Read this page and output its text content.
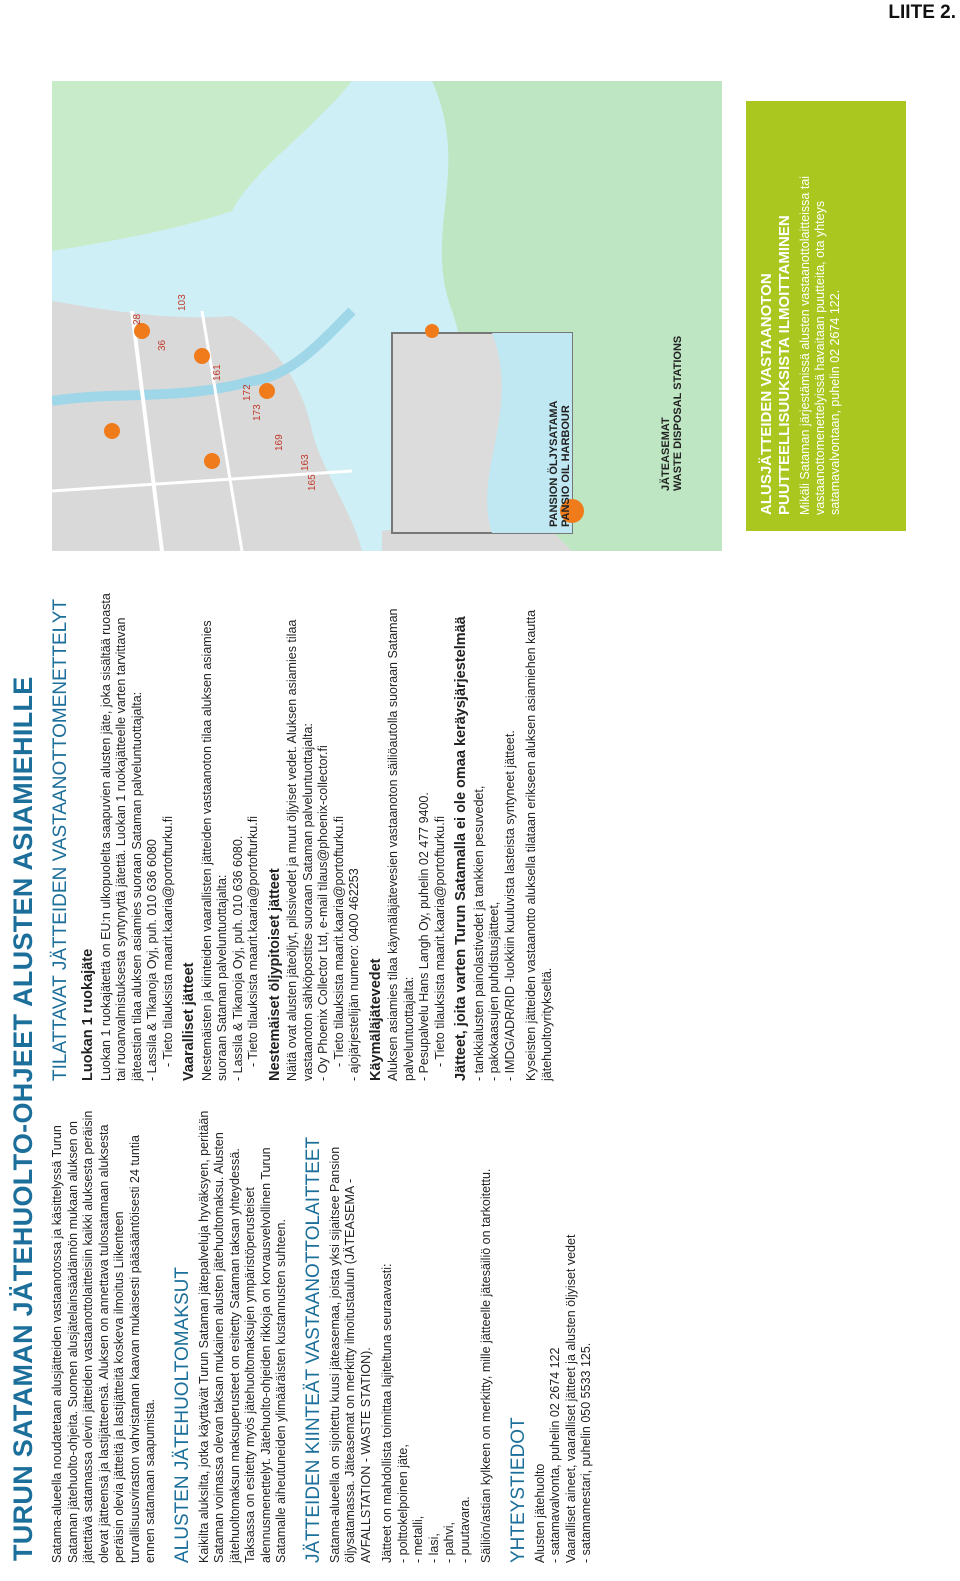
LIITE 2.
TURUN SATAMAN JÄTEHUOLTO-OHJEET ALUSTEN ASIAMIEHILLE Satama-alueella noudatetaan alusjätteiden vastaanotossa ja käsittelyssä Turun Sataman jätehuolto-ohjeita. Suomen alusjätelainsäädännön mukaan aluksen on jätettävä satamassa olevin jätteiden vastaanottolaitteisiin kaikki aluksesta peräisin olevat jätteensä ja lastijätteensä. Aluksen on annettava tulosatamaan aluksesta peräisin olevia jätteitä ja lastijätteitä koskeva ilmoitus Liikenteen turvallisuusviraston vahvistaman kaavan mukaisesti pääsääntöisesti 24 tuntia ennen satamaan saapumista. ALUSTEN JÄTEHUOLTOMAKSUT Kaikilta aluksilta, jotka käyttävät Turun Sataman jätepalveluja hyväksyen, peritään Sataman voimassa olevan taksan mukainen alusten jätehuoltomaksu. Alusten jätehuoltomaksun maksuperusteet on esitetty Sataman taksan yhteydessä. Taksassa on esitetty myös jätehuoltomaksujen ympäristöperusteiset alennusmenettelyt. Jätehuolto-ohjeiden rikkoja on korvausvelvollinen Turun Satamalle aiheutuneiden ylimääräisten kustannusten suhteen. JÄTTEIDEN KIINTEÄT VASTAANOTTOLAITTEET Satama-alueella on sijoitettu kuusi jäteasemaa, joista yksi sijaitsee Pansion öljysatamassa. Jäteasemat on merkitty ilmoitustaulun (JÄTEASEMA - AVFALLSTATION - WASTE STATION). Jätteet on mahdollista toimittaa lajiteltuna seuraavasti: - polttokelpoinen jäte, - metalli, - lasi, - pahvi, - puutavara. Säiliön/astian kylkeen on merkitty, mille jätteelle jätesäiliö on tarkoitettu. YHTEYSTIEDOT Alusten jätehuolto - satamavalvonta, puhelin 02 2674 122 Vaaralliset aineet, vaaralliset jätteet ja alusten öljyiset vedet - satamamestari, puhelin 050 5533 125.
TILATTAVAT JÄTTEIDEN VASTAANOTTOMENETTELYT Luokan 1 ruokajäte Luokan 1 ruokajätettä on EU:n ulkopuolelta saapuvien alusten jäte, joka sisältää ruoasta tai ruoanvalmistuksesta syntynyttä jätettä. Luokan 1 ruokajätteelle varten tarvittavan jäteastian tilaa aluksen asiamies suoraan Sataman palveluntuottajalta: - Lassila & Tikanoja Oyj, puh. 010 636 6080 - Tieto tilauksista maarit.kaaria@portofturku.fi Vaaralliset jätteet Nestemäisten ja kiinteiden vaarallisten jätteiden vastaanoton tilaa aluksen asiamies suoraan Sataman palveluntuottajalta: - Lassila & Tikanoja Oyj, puh. 010 636 6080. - Tieto tilauksista maarit.kaaria@portofturku.fi Nestemäiset öljypitoiset jätteet Näitä ovat alusten jäteöljyt, pilssivedet ja muut öljyiset vedet. Aluksen asiamies tilaa vastaanoton sähköpostitse suoraan Sataman palveluntuottajalta: - Oy Phoenix Collector Ltd, e-mail tilaus@phoenix-collector.fi - Tieto tilauksista maarit.kaaria@portofturku.fi - ajojärjestelijän numero: 0400 462253 Käymäläjätevedet Aluksen asiamies tilaa käymäläjätevesien vastaanoton säiliöautolla suoraan Sataman palveluntuottajalta: - Pesupalvelu Hans Langh Oy, puhelin 02 477 9400. - Tieto tilauksista maarit.kaaria@portofturku.fi Jätteet, joita varten Turun Satamalla ei ole omaa keräysjärjestelmää - tankkialusten painolastivedet ja tankkien pesuvedet, - pakokaasujen puhdistusjätteet, - IMDG/ADR/RID -luokkiin kuuluvista lasteista syntyneet jätteet. Kyseisten jätteiden vastaanotto aluksella tilataan erikseen aluksen asiamiehen kautta jätehuoltoyritykseltä.

PANSION ÖLJYSATAMA PANSIO OIL HARBOUR	JÄTEASEMAT WASTE DISPOSAL STATIONS
28
36
103
161
172
173
169
163
165	ALUSJÄTTEIDEN VASTAANOTON PUUTTEELLISUUKSISTA ILMOITTAMINEN Mikäli Sataman järjestämissä alusten vastaanottolaitteissa tai vastaanottomenettelyissä havaitaan puutteita, ota yhteys satamavalvontaan, puhelin 02 2674 122.
